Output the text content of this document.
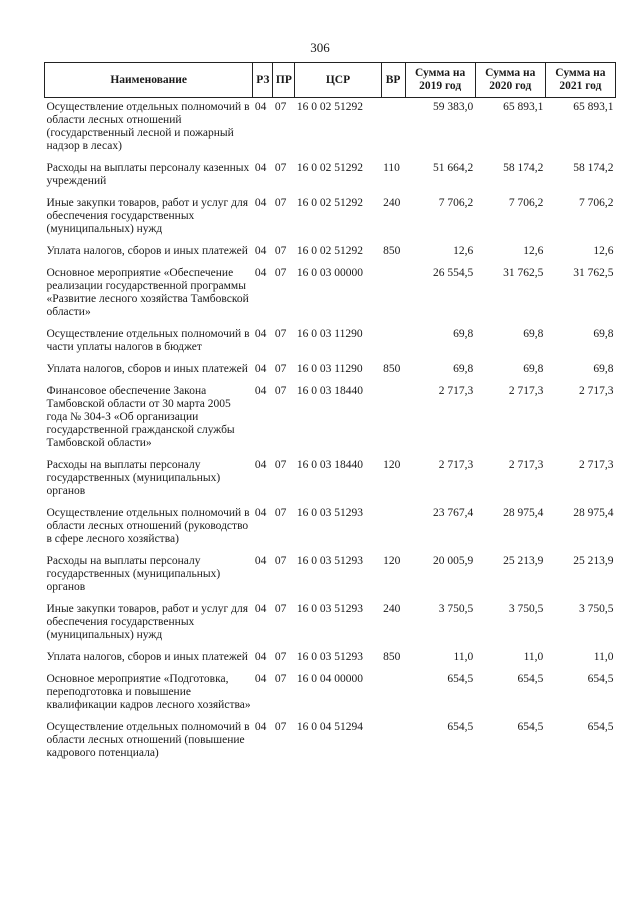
306
Наименование	РЗ	ПР	ЦСР	ВР	Сумма на 2019 год	Сумма на 2020 год	Сумма на 2021 год
Осуществление отдельных полномочий в области лесных отношений (государственный лесной и пожарный надзор в лесах)	04	07	16 0 02 51292		59 383,0	65 893,1	65 893,1
Расходы на выплаты персоналу казенных учреждений	04	07	16 0 02 51292	110	51 664,2	58 174,2	58 174,2
Иные закупки товаров, работ и услуг для обеспечения государственных (муниципальных) нужд	04	07	16 0 02 51292	240	7 706,2	7 706,2	7 706,2
Уплата налогов, сборов и иных платежей	04	07	16 0 02 51292	850	12,6	12,6	12,6
Основное мероприятие «Обеспечение реализации государственной программы «Развитие лесного хозяйства Тамбовской области»	04	07	16 0 03 00000		26 554,5	31 762,5	31 762,5
Осуществление отдельных полномочий в части уплаты налогов в бюджет	04	07	16 0 03 11290		69,8	69,8	69,8
Уплата налогов, сборов и иных платежей	04	07	16 0 03 11290	850	69,8	69,8	69,8
Финансовое обеспечение Закона Тамбовской области от 30 марта 2005 года № 304-З «Об организации государственной гражданской службы Тамбовской области»	04	07	16 0 03 18440		2 717,3	2 717,3	2 717,3
Расходы на выплаты персоналу государственных (муниципальных) органов	04	07	16 0 03 18440	120	2 717,3	2 717,3	2 717,3
Осуществление отдельных полномочий в области лесных отношений (руководство в сфере лесного хозяйства)	04	07	16 0 03 51293		23 767,4	28 975,4	28 975,4
Расходы на выплаты персоналу государственных (муниципальных) органов	04	07	16 0 03 51293	120	20 005,9	25 213,9	25 213,9
Иные закупки товаров, работ и услуг для обеспечения государственных (муниципальных) нужд	04	07	16 0 03 51293	240	3 750,5	3 750,5	3 750,5
Уплата налогов, сборов и иных платежей	04	07	16 0 03 51293	850	11,0	11,0	11,0
Основное мероприятие «Подготовка, переподготовка и повышение квалификации кадров лесного хозяйства»	04	07	16 0 04 00000		654,5	654,5	654,5
Осуществление отдельных полномочий в области лесных отношений (повышение кадрового потенциала)	04	07	16 0 04 51294		654,5	654,5	654,5
